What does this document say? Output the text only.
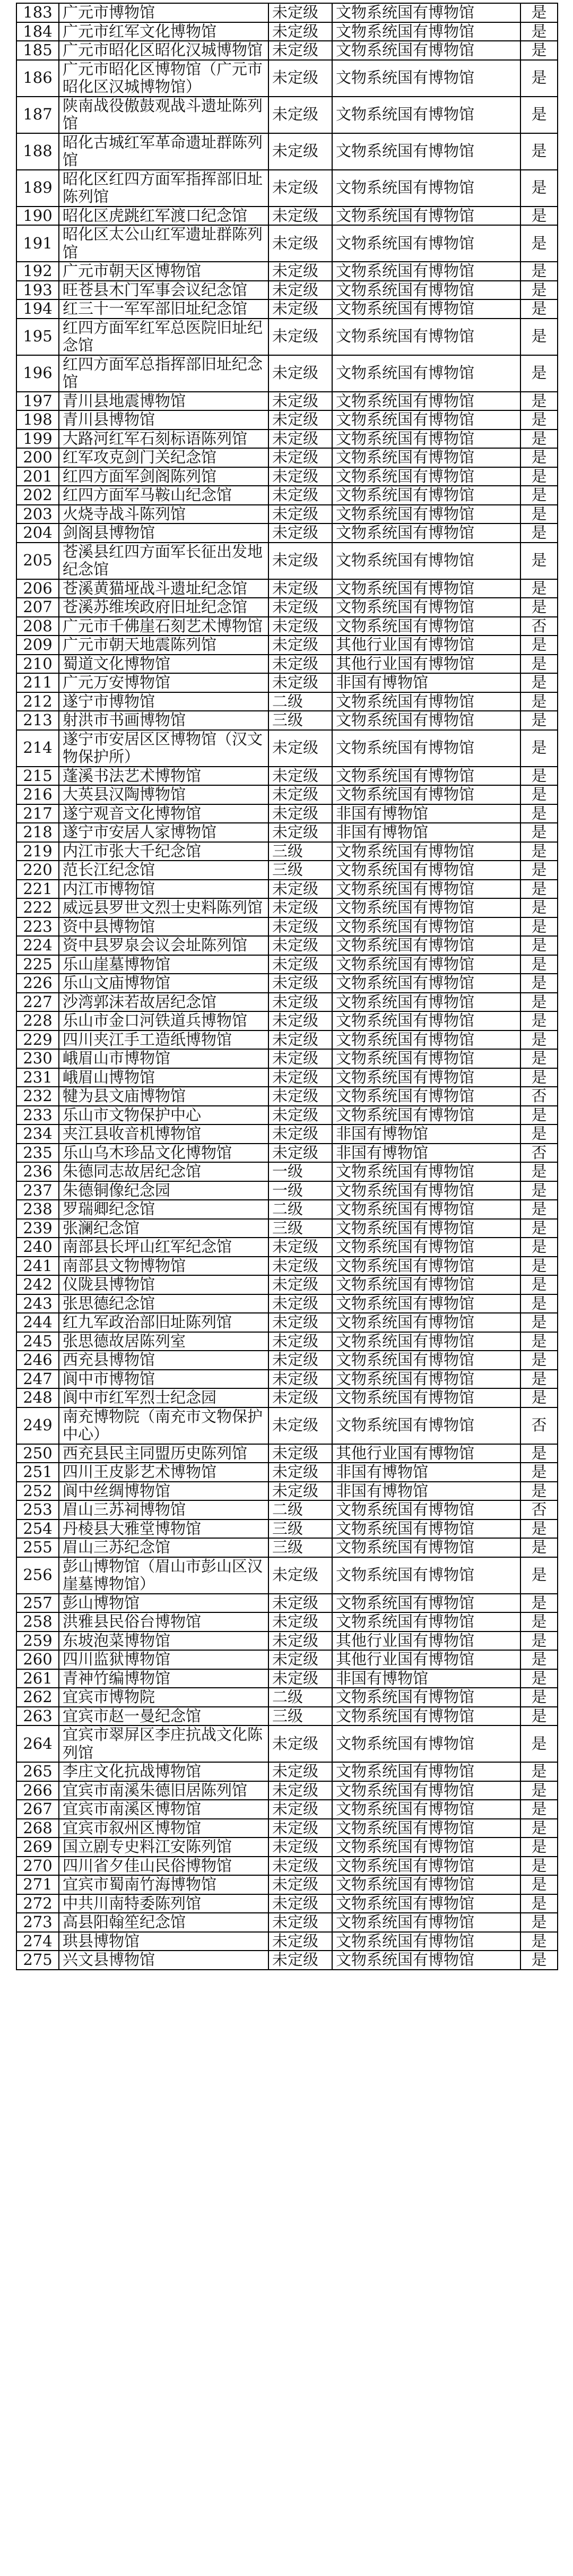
183	广元市博物馆	未定级	文物系统国有博物馆	是
184	广元市红军文化博物馆	未定级	文物系统国有博物馆	是
185	广元市昭化区昭化汉城博物馆	未定级	文物系统国有博物馆	是
186	广元市昭化区博物馆（广元市昭化区汉城博物馆）	未定级	文物系统国有博物馆	是
187	陕南战役傲鼓观战斗遗址陈列馆	未定级	文物系统国有博物馆	是
188	昭化古城红军革命遗址群陈列馆	未定级	文物系统国有博物馆	是
189	昭化区红四方面军指挥部旧址陈列馆	未定级	文物系统国有博物馆	是
190	昭化区虎跳红军渡口纪念馆	未定级	文物系统国有博物馆	是
191	昭化区太公山红军遗址群陈列馆	未定级	文物系统国有博物馆	是
192	广元市朝天区博物馆	未定级	文物系统国有博物馆	是
193	旺苍县木门军事会议纪念馆	未定级	文物系统国有博物馆	是
194	红三十一军军部旧址纪念馆	未定级	文物系统国有博物馆	是
195	红四方面军红军总医院旧址纪念馆	未定级	文物系统国有博物馆	是
196	红四方面军总指挥部旧址纪念馆	未定级	文物系统国有博物馆	是
197	青川县地震博物馆	未定级	文物系统国有博物馆	是
198	青川县博物馆	未定级	文物系统国有博物馆	是
199	大路河红军石刻标语陈列馆	未定级	文物系统国有博物馆	是
200	红军攻克剑门关纪念馆	未定级	文物系统国有博物馆	是
201	红四方面军剑阁陈列馆	未定级	文物系统国有博物馆	是
202	红四方面军马鞍山纪念馆	未定级	文物系统国有博物馆	是
203	火烧寺战斗陈列馆	未定级	文物系统国有博物馆	是
204	剑阁县博物馆	未定级	文物系统国有博物馆	是
205	苍溪县红四方面军长征出发地纪念馆	未定级	文物系统国有博物馆	是
206	苍溪黄猫垭战斗遗址纪念馆	未定级	文物系统国有博物馆	是
207	苍溪苏维埃政府旧址纪念馆	未定级	文物系统国有博物馆	是
208	广元市千佛崖石刻艺术博物馆	未定级	文物系统国有博物馆	否
209	广元市朝天地震陈列馆	未定级	其他行业国有博物馆	是
210	蜀道文化博物馆	未定级	其他行业国有博物馆	是
211	广元万安博物馆	未定级	非国有博物馆	是
212	遂宁市博物馆	二级	文物系统国有博物馆	是
213	射洪市书画博物馆	三级	文物系统国有博物馆	是
214	遂宁市安居区区博物馆（汉文物保护所）	未定级	文物系统国有博物馆	是
215	蓬溪书法艺术博物馆	未定级	文物系统国有博物馆	是
216	大英县汉陶博物馆	未定级	文物系统国有博物馆	是
217	遂宁观音文化博物馆	未定级	非国有博物馆	是
218	遂宁市安居人家博物馆	未定级	非国有博物馆	是
219	内江市张大千纪念馆	三级	文物系统国有博物馆	是
220	范长江纪念馆	三级	文物系统国有博物馆	是
221	内江市博物馆	未定级	文物系统国有博物馆	是
222	威远县罗世文烈士史料陈列馆	未定级	文物系统国有博物馆	是
223	资中县博物馆	未定级	文物系统国有博物馆	是
224	资中县罗泉会议会址陈列馆	未定级	文物系统国有博物馆	是
225	乐山崖墓博物馆	未定级	文物系统国有博物馆	是
226	乐山文庙博物馆	未定级	文物系统国有博物馆	是
227	沙湾郭沫若故居纪念馆	未定级	文物系统国有博物馆	是
228	乐山市金口河铁道兵博物馆	未定级	文物系统国有博物馆	是
229	四川夹江手工造纸博物馆	未定级	文物系统国有博物馆	是
230	峨眉山市博物馆	未定级	文物系统国有博物馆	是
231	峨眉山博物馆	未定级	文物系统国有博物馆	是
232	犍为县文庙博物馆	未定级	文物系统国有博物馆	否
233	乐山市文物保护中心	未定级	文物系统国有博物馆	是
234	夹江县收音机博物馆	未定级	非国有博物馆	是
235	乐山乌木珍品文化博物馆	未定级	非国有博物馆	否
236	朱德同志故居纪念馆	一级	文物系统国有博物馆	是
237	朱德铜像纪念园	一级	文物系统国有博物馆	是
238	罗瑞卿纪念馆	二级	文物系统国有博物馆	是
239	张澜纪念馆	三级	文物系统国有博物馆	是
240	南部县长坪山红军纪念馆	未定级	文物系统国有博物馆	是
241	南部县文物博物馆	未定级	文物系统国有博物馆	是
242	仪陇县博物馆	未定级	文物系统国有博物馆	是
243	张思德纪念馆	未定级	文物系统国有博物馆	是
244	红九军政治部旧址陈列馆	未定级	文物系统国有博物馆	是
245	张思德故居陈列室	未定级	文物系统国有博物馆	是
246	西充县博物馆	未定级	文物系统国有博物馆	是
247	阆中市博物馆	未定级	文物系统国有博物馆	是
248	阆中市红军烈士纪念园	未定级	文物系统国有博物馆	是
249	南充博物院（南充市文物保护中心）	未定级	文物系统国有博物馆	否
250	西充县民主同盟历史陈列馆	未定级	其他行业国有博物馆	是
251	四川王皮影艺术博物馆	未定级	非国有博物馆	是
252	阆中丝绸博物馆	未定级	非国有博物馆	是
253	眉山三苏祠博物馆	二级	文物系统国有博物馆	否
254	丹棱县大雅堂博物馆	三级	文物系统国有博物馆	是
255	眉山三苏纪念馆	三级	文物系统国有博物馆	是
256	彭山博物馆（眉山市彭山区汉崖墓博物馆）	未定级	文物系统国有博物馆	是
257	彭山博物馆	未定级	文物系统国有博物馆	是
258	洪雅县民俗台博物馆	未定级	文物系统国有博物馆	是
259	东坡泡菜博物馆	未定级	其他行业国有博物馆	是
260	四川监狱博物馆	未定级	其他行业国有博物馆	是
261	青神竹编博物馆	未定级	非国有博物馆	是
262	宜宾市博物院	二级	文物系统国有博物馆	是
263	宜宾市赵一曼纪念馆	三级	文物系统国有博物馆	是
264	宜宾市翠屏区李庄抗战文化陈列馆	未定级	文物系统国有博物馆	是
265	李庄文化抗战博物馆	未定级	文物系统国有博物馆	是
266	宜宾市南溪朱德旧居陈列馆	未定级	文物系统国有博物馆	是
267	宜宾市南溪区博物馆	未定级	文物系统国有博物馆	是
268	宜宾市叙州区博物馆	未定级	文物系统国有博物馆	是
269	国立剧专史料江安陈列馆	未定级	文物系统国有博物馆	是
270	四川省夕佳山民俗博物馆	未定级	文物系统国有博物馆	是
271	宜宾市蜀南竹海博物馆	未定级	文物系统国有博物馆	是
272	中共川南特委陈列馆	未定级	文物系统国有博物馆	是
273	高县阳翰笙纪念馆	未定级	文物系统国有博物馆	是
274	珙县博物馆	未定级	文物系统国有博物馆	是
275	兴文县博物馆	未定级	文物系统国有博物馆	是
